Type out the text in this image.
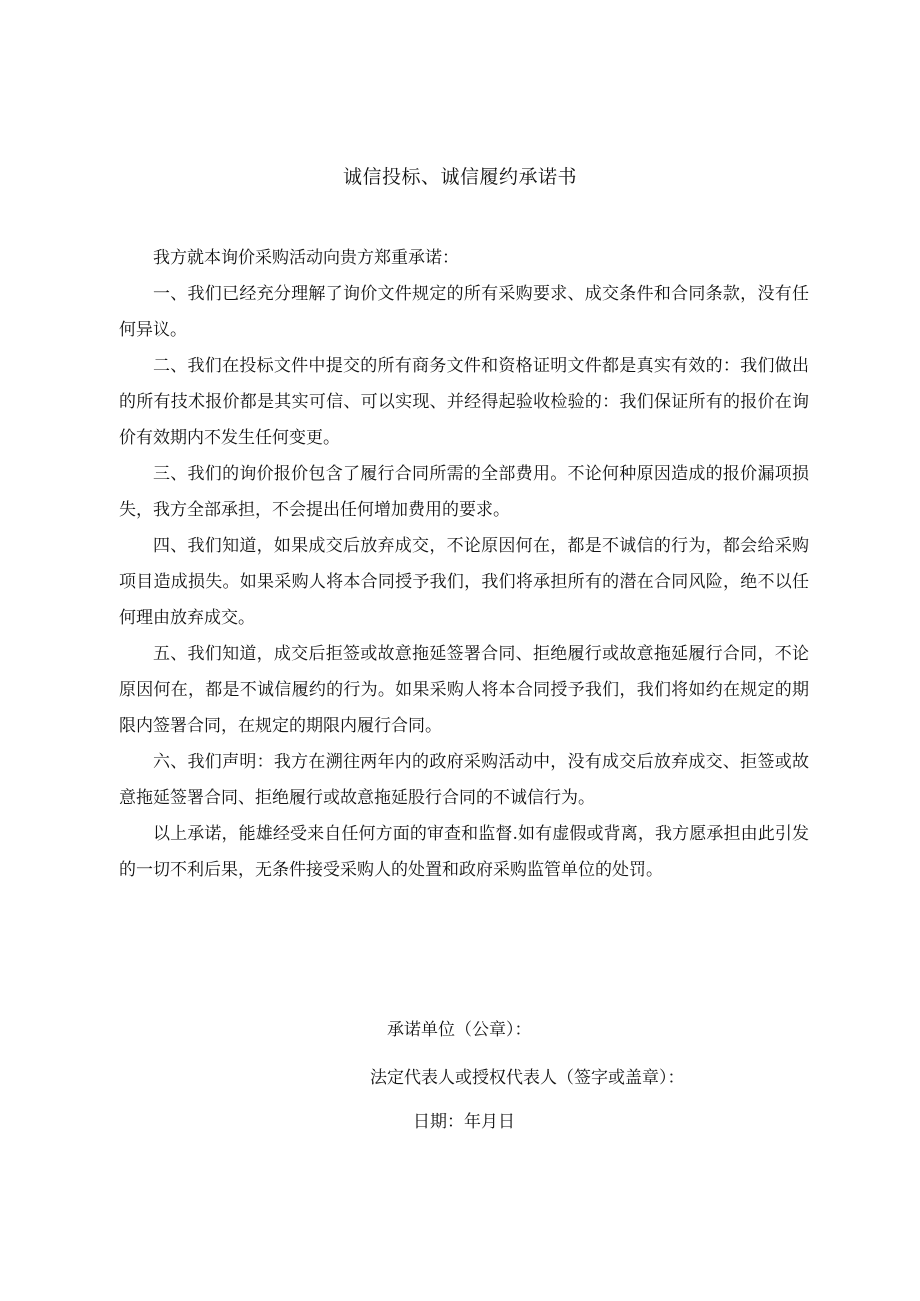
诚信投标、诚信履约承诺书

我方就本询价采购活动向贵方郑重承诺：

一、我们已经充分理解了询价文件规定的所有采购要求、成交条件和合同条款，没有任何异议。

二、我们在投标文件中提交的所有商务文件和资格证明文件都是真实有效的：我们做出的所有技术报价都是其实可信、可以实现、并经得起验收检验的：我们保证所有的报价在询价有效期内不发生任何变更。

三、我们的询价报价包含了履行合同所需的全部费用。不论何种原因造成的报价漏项损失，我方全部承担，不会提出任何增加费用的要求。

四、我们知道，如果成交后放弃成交，不论原因何在，都是不诚信的行为，都会给采购项目造成损失。如果采购人将本合同授予我们，我们将承担所有的潜在合同风险，绝不以任何理由放弃成交。

五、我们知道，成交后拒签或故意拖延签署合同、拒绝履行或故意拖延履行合同，不论原因何在，都是不诚信履约的行为。如果采购人将本合同授予我们，我们将如约在规定的期限内签署合同，在规定的期限内履行合同。

六、我们声明：我方在溯往两年内的政府采购活动中，没有成交后放弃成交、拒签或故意拖延签署合同、拒绝履行或故意拖延股行合同的不诚信行为。

以上承诺，能雄经受来自任何方面的审查和监督.如有虚假或背离，我方愿承担由此引发的一切不利后果，无条件接受采购人的处置和政府采购监管单位的处罚。

承诺单位（公章）：
法定代表人或授权代表人（签字或盖章）：
日期：年月日
